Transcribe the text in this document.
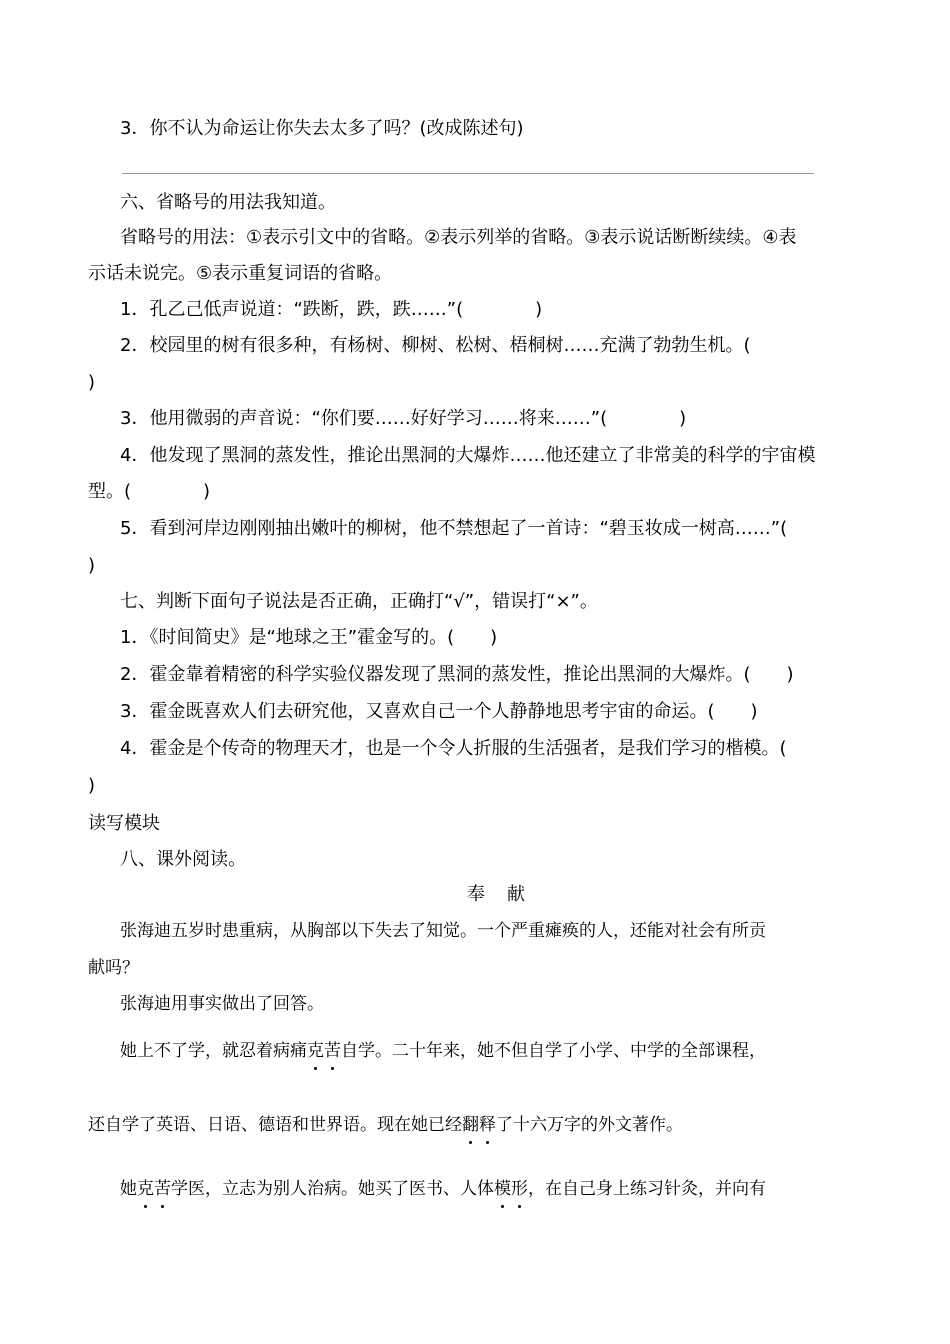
3．你不认为命运让你失去太多了吗？(改成陈述句)
六、省略号的用法我知道。
省略号的用法：①表示引文中的省略。②表示列举的省略。③表示说话断断续续。④表
示话未说完。⑤表示重复词语的省略。
1．孔乙己低声说道：“跌断，跌，跌……”(　　　　)
2．校园里的树有很多种，有杨树、柳树、松树、梧桐树……充满了勃勃生机。(
)
3．他用微弱的声音说：“你们要……好好学习……将来……”(　　　　)
4．他发现了黑洞的蒸发性，推论出黑洞的大爆炸……他还建立了非常美的科学的宇宙模
型。(　　　　)
5．看到河岸边刚刚抽出嫩叶的柳树，他不禁想起了一首诗：“碧玉妆成一树高……”(
)
七、判断下面句子说法是否正确，正确打“√”，错误打“×”。
1．《时间简史》是“地球之王”霍金写的。(　　)
2．霍金靠着精密的科学实验仪器发现了黑洞的蒸发性，推论出黑洞的大爆炸。(　　)
3．霍金既喜欢人们去研究他，又喜欢自己一个人静静地思考宇宙的命运。(　　)
4．霍金是个传奇的物理天才，也是一个令人折服的生活强者，是我们学习的楷模。(
)
读写模块
八、课外阅读。
奉献
张海迪五岁时患重病，从胸部以下失去了知觉。一个严重瘫痪的人，还能对社会有所贡
献吗？
张海迪用事实做出了回答。
她上不了学，就忍着病痛克苦自学。二十年来，她不但自学了小学、中学的全部课程，
还自学了英语、日语、德语和世界语。现在她已经翻释了十六万字的外文著作。
她克苦学医，立志为别人治病。她买了医书、人体模形，在自己身上练习针灸，并向有
